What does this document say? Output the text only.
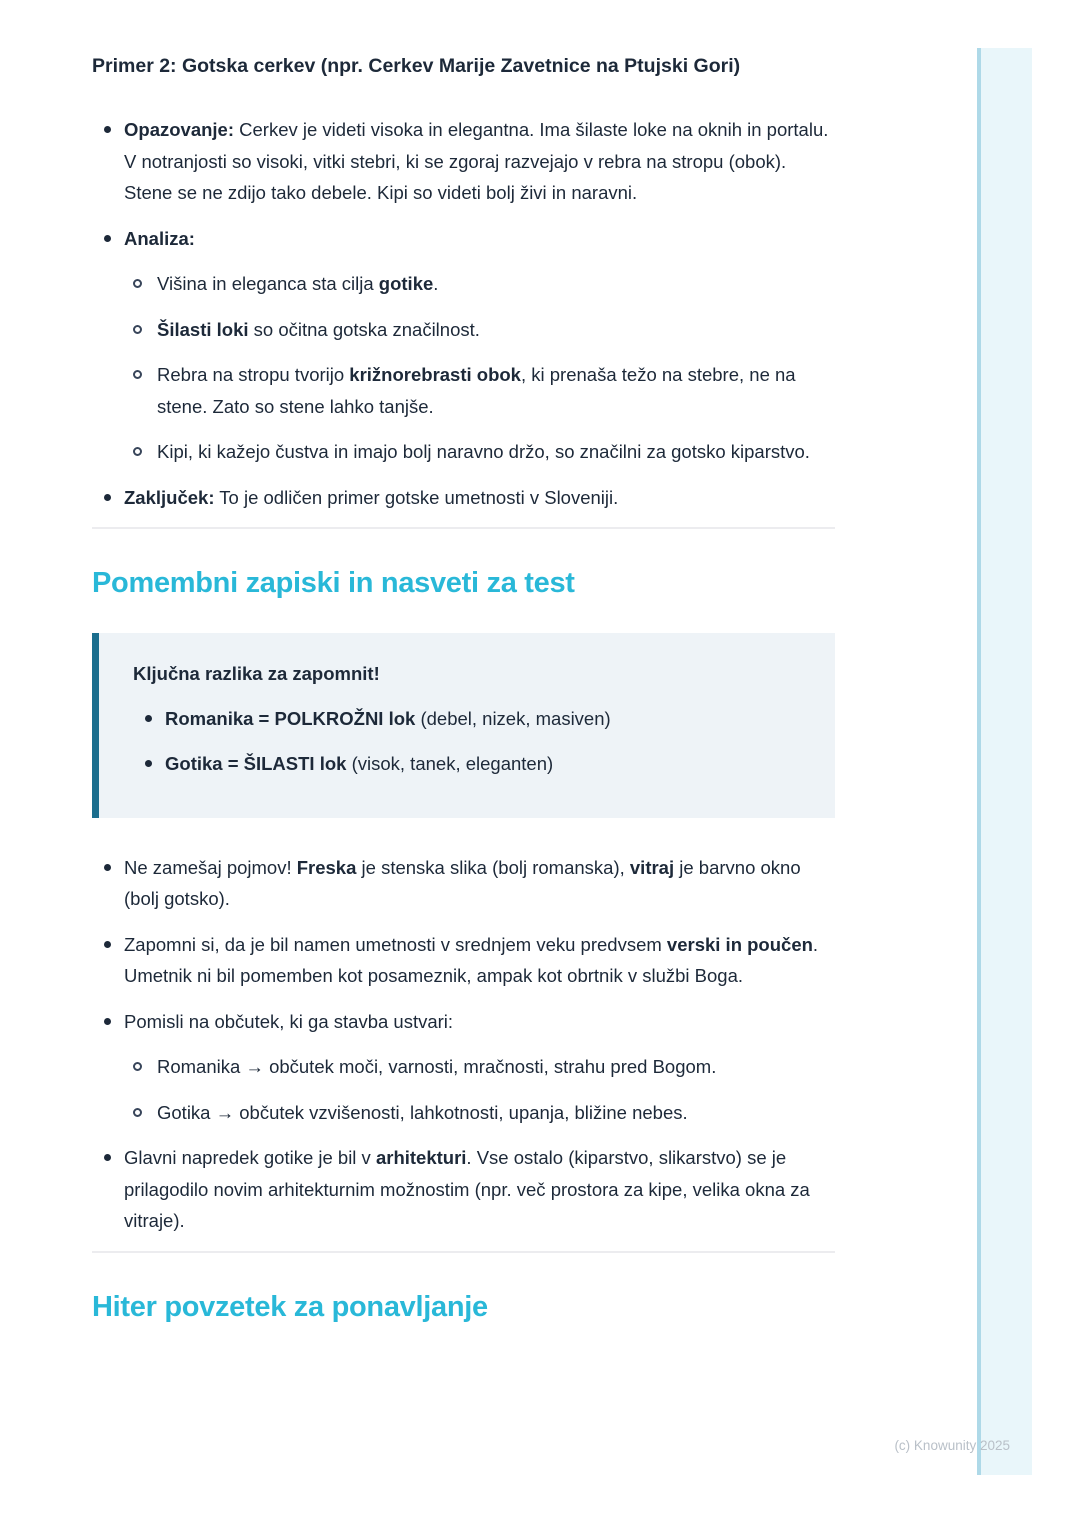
Primer 2: Gotska cerkev (npr. Cerkev Marije Zavetnice na Ptujski Gori)
Opazovanje: Cerkev je videti visoka in elegantna. Ima šilaste loke na oknih in portalu. V notranjosti so visoki, vitki stebri, ki se zgoraj razvejajo v rebra na stropu (obok). Stene se ne zdijo tako debele. Kipi so videti bolj živi in naravni.
Analiza:
Višina in eleganca sta cilja gotike.
Šilasti loki so očitna gotska značilnost.
Rebra na stropu tvorijo križnorebrasti obok, ki prenaša težo na stebre, ne na stene. Zato so stene lahko tanjše.
Kipi, ki kažejo čustva in imajo bolj naravno držo, so značilni za gotsko kiparstvo.
Zaključek: To je odličen primer gotske umetnosti v Sloveniji.
Pomembni zapiski in nasveti za test

Ključna razlika za zapomnit!

Romanika = POLKROŽNI lok (debel, nizek, masiven)
Gotika = ŠILASTI lok (visok, tanek, eleganten)
Ne zamešaj pojmov! Freska je stenska slika (bolj romanska), vitraj je barvno okno (bolj gotsko).
Zapomni si, da je bil namen umetnosti v srednjem veku predvsem verski in poučen. Umetnik ni bil pomemben kot posameznik, ampak kot obrtnik v službi Boga.
Pomisli na občutek, ki ga stavba ustvari:
Romanika → občutek moči, varnosti, mračnosti, strahu pred Bogom.
Gotika → občutek vzvišenosti, lahkotnosti, upanja, bližine nebes.
Glavni napredek gotike je bil v arhitekturi. Vse ostalo (kiparstvo, slikarstvo) se je prilagodilo novim arhitekturnim možnostim (npr. več prostora za kipe, velika okna za vitraje).
Hiter povzetek za ponavljanje
(c) Knowunity 2025
